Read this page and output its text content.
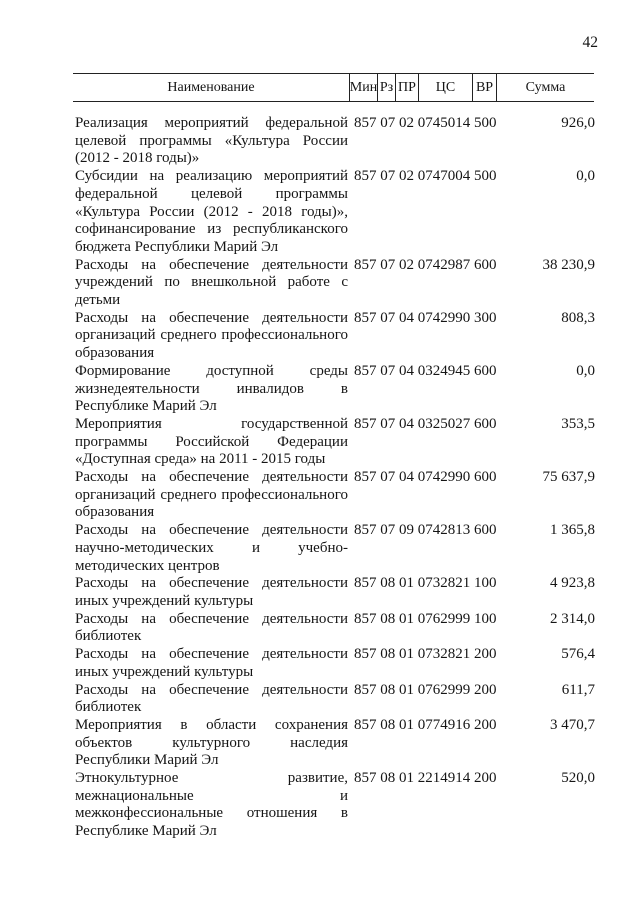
42
Наименование	Мин Рз ПР	ЦС	ВР	Сумма
Реализация мероприятий федеральной целевой программы «Культура России (2012 - 2018 годы)»
857 07 02 0745014 500	926,0
Субсидии на реализацию мероприятий федеральной целевой программы «Культура России (2012 - 2018 годы)», софинансирование из республиканского бюджета Республики Марий Эл
857 07 02 0747004 500	0,0
Расходы на обеспечение деятельности учреждений по внешкольной работе с детьми
857 07 02 0742987 600	38 230,9
Расходы на обеспечение деятельности организаций среднего профессионального образования
857 07 04 0742990 300	808,3
Формирование доступной среды жизнедеятельности инвалидов в Республике Марий Эл
857 07 04 0324945 600	0,0
Мероприятия государственной программы Российской Федерации «Доступная среда» на 2011 - 2015 годы
857 07 04 0325027 600	353,5
Расходы на обеспечение деятельности организаций среднего профессионального образования
857 07 04 0742990 600	75 637,9
Расходы на обеспечение деятельности научно-методических и учебно-методических центров
857 07 09 0742813 600	1 365,8
Расходы на обеспечение деятельности иных учреждений культуры
857 08 01 0732821 100	4 923,8
Расходы на обеспечение деятельности библиотек
857 08 01 0762999 100	2 314,0
Расходы на обеспечение деятельности иных учреждений культуры
857 08 01 0732821 200	576,4
Расходы на обеспечение деятельности библиотек
857 08 01 0762999 200	611,7
Мероприятия в области сохранения объектов культурного наследия Республики Марий Эл
857 08 01 0774916 200	3 470,7
Этнокультурное развитие, межнациональные и межконфессиональные отношения в Республике Марий Эл
857 08 01 2214914 200	520,0
